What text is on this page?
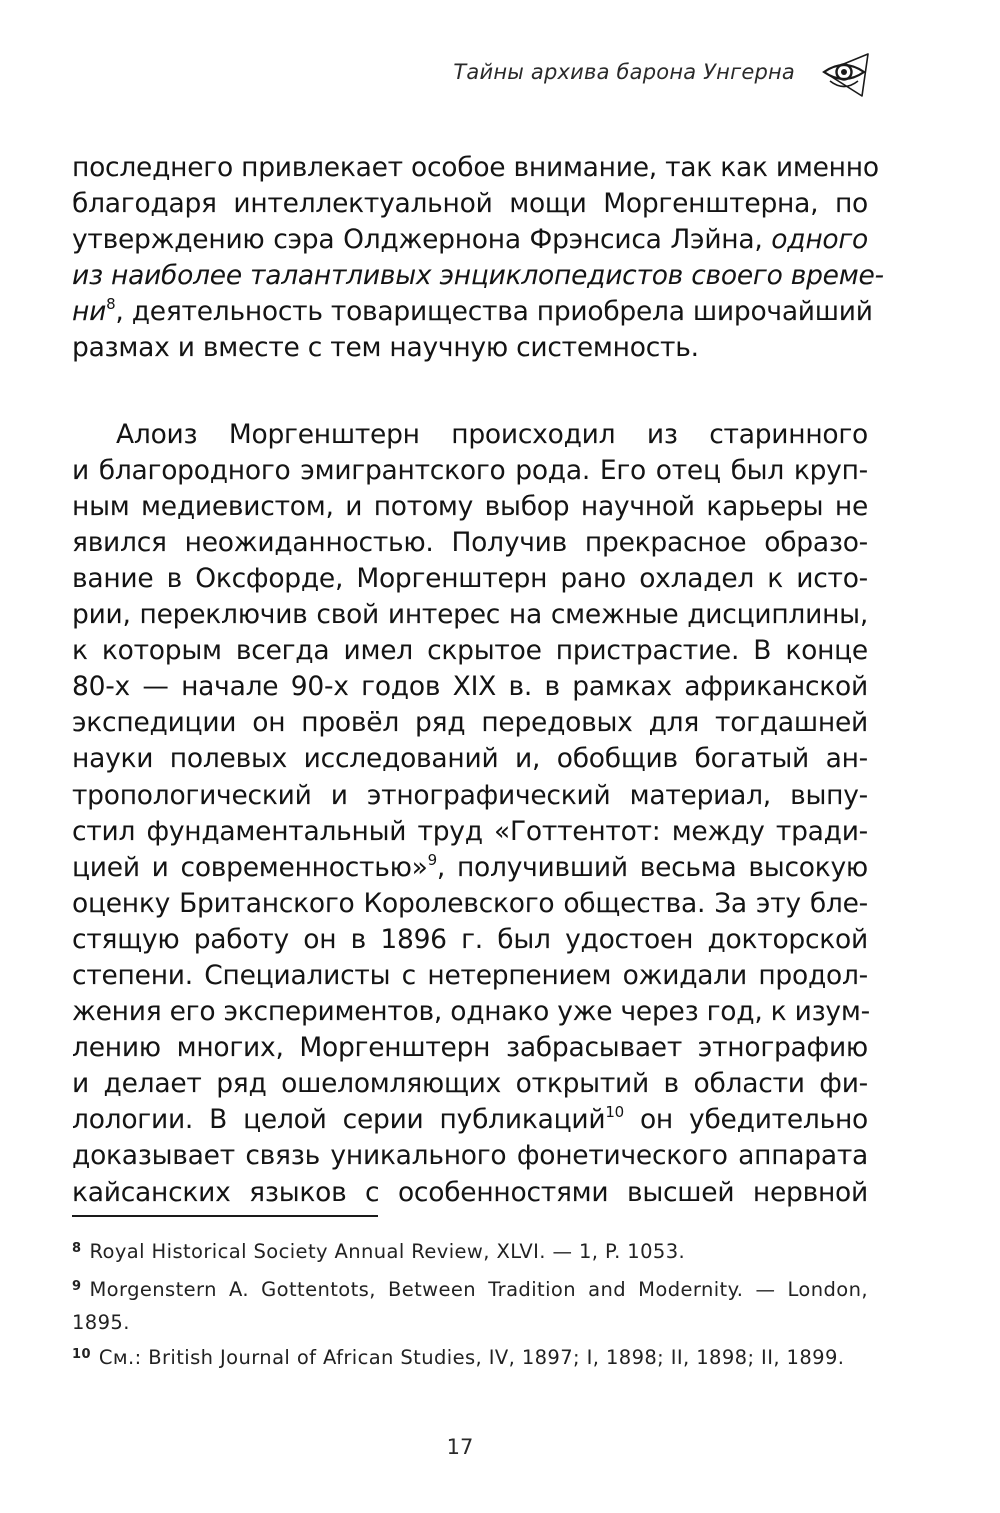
Тайны архива барона Унгерна

последнего привлекает особое внимание, так как именно
благодаря интеллектуальной мощи Моргенштерна, по
утверждению сэра Олджернона Фрэнсиса Лэйна, одного
из наиболее талантливых энциклопедистов своего време-
$ни^8$, деятельность товарищества приобрела широчайший
размах и вместе с тем научную системность.

Алоиз Моргенштерн происходил из старинного
и благородного эмигрантского рода. Его отец был круп-
ным медиевистом, и потому выбор научной карьеры не
явился неожиданностью. Получив прекрасное образо-
вание в Оксфорде, Моргенштерн рано охладел к исто-
рии, переключив свой интерес на смежные дисциплины,
к которым всегда имел скрытое пристрастие. В конце
80-х — начале 90-х годов XIX в. в рамках африканской
экспедиции он провёл ряд передовых для тогдашней
науки полевых исследований и, обобщив богатый ан-
тропологический и этнографический материал, выпу-
стил фундаментальный труд «Готтентот: между тради-
цией и современностью»$^9$, получивший весьма высокую
оценку Британского Королевского общества. За эту бле-
стящую работу он в 1896 г. был удостоен докторской
степени. Специалисты с нетерпением ожидали продол-
жения его экспериментов, однако уже через год, к изум-
лению многих, Моргенштерн забрасывает этнографию
и делает ряд ошеломляющих открытий в области фи-
лологии. В целой серии публикаций$^{10}$ он убедительно
доказывает связь уникального фонетического аппарата
кайсанских языков с особенностями высшей нервной

$^8$ Royal Historical Society Annual Review, XLVI. — 1, P. 1053.

$^9$ Morgenstern A. Gottentots, Between Tradition and Modernity. — London, 1895.

$^{10}$ См.: British Journal of African Studies, IV, 1897; I, 1898; II, 1898; II, 1899.

17
